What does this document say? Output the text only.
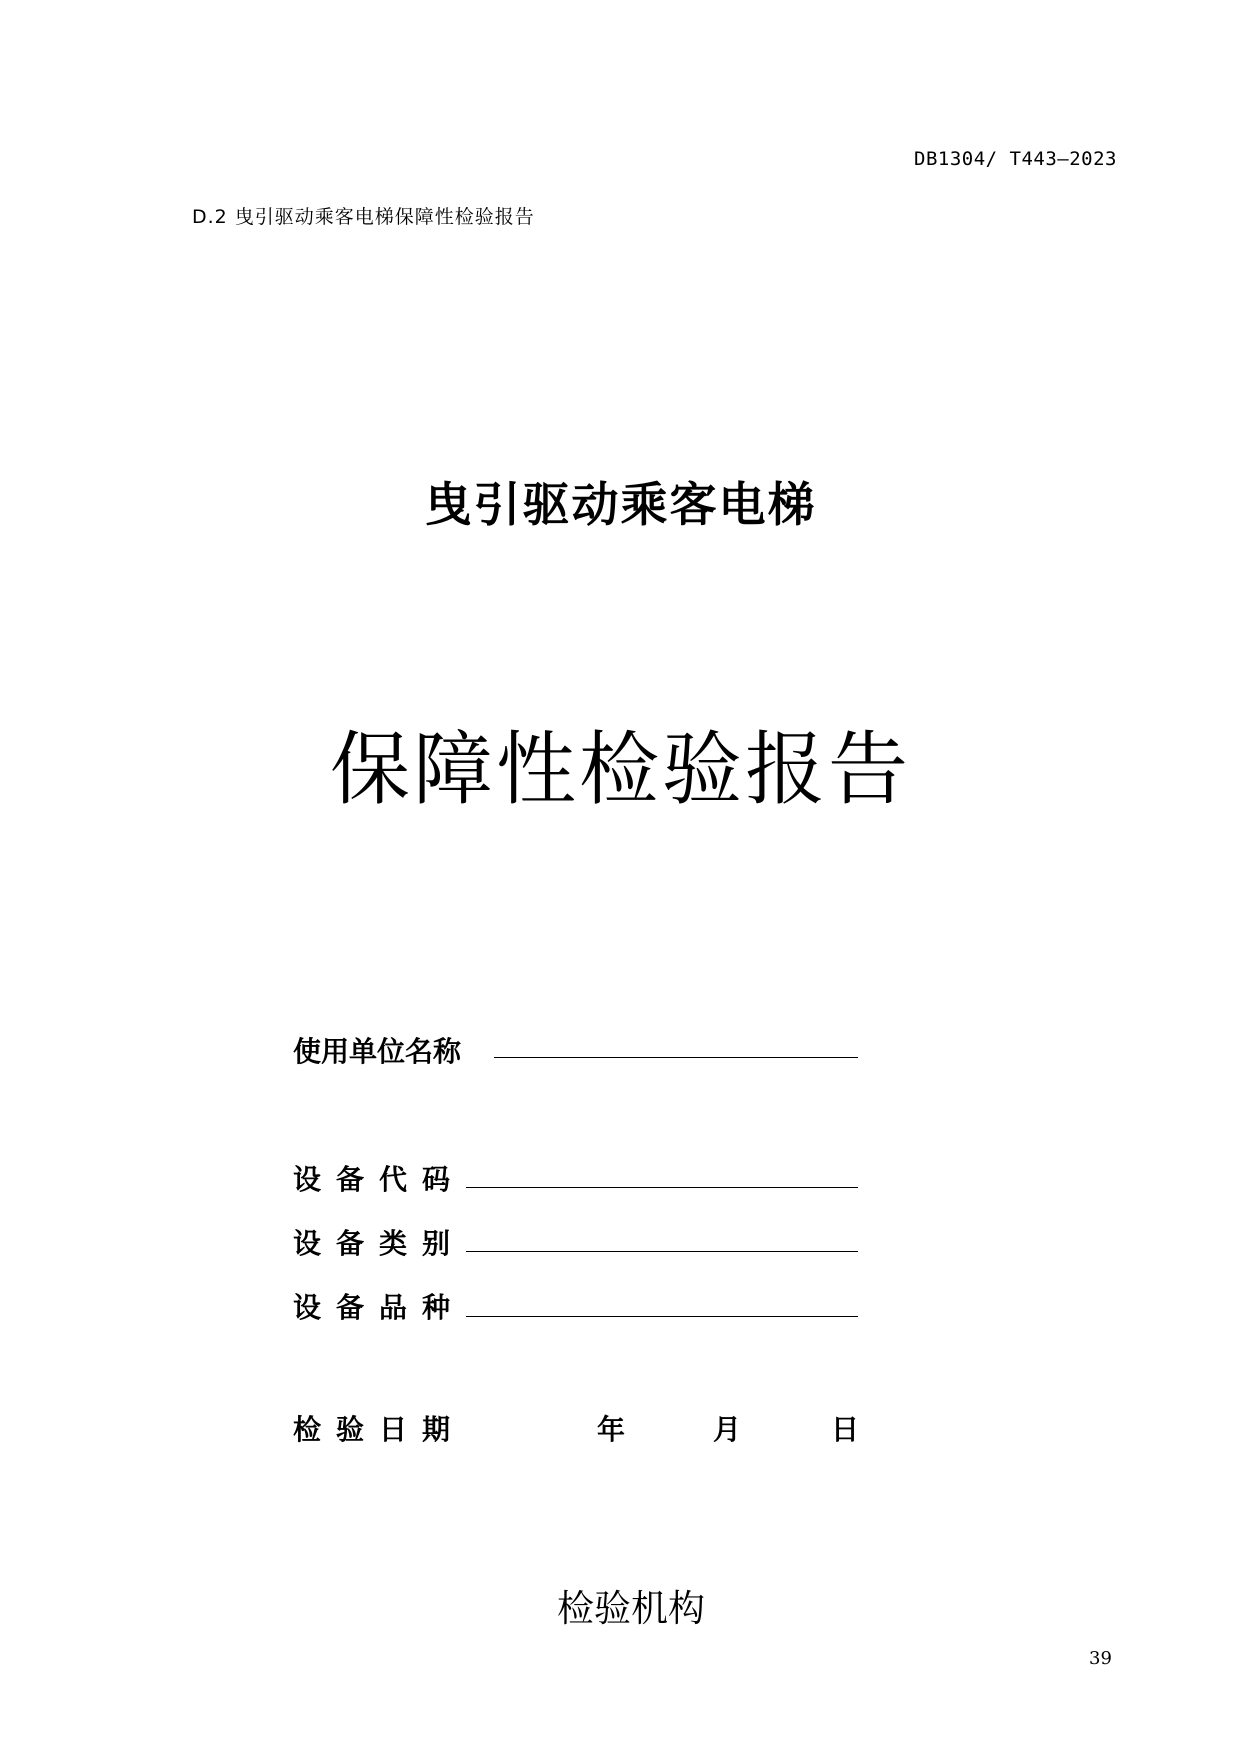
DB1304/ T443—2023
D.2 曳引驱动乘客电梯保障性检验报告
曳引驱动乘客电梯
保障性检验报告
使用单位名称
设备代码
设备类别
设备品种
检验日期	年	月	日
检验机构
39
